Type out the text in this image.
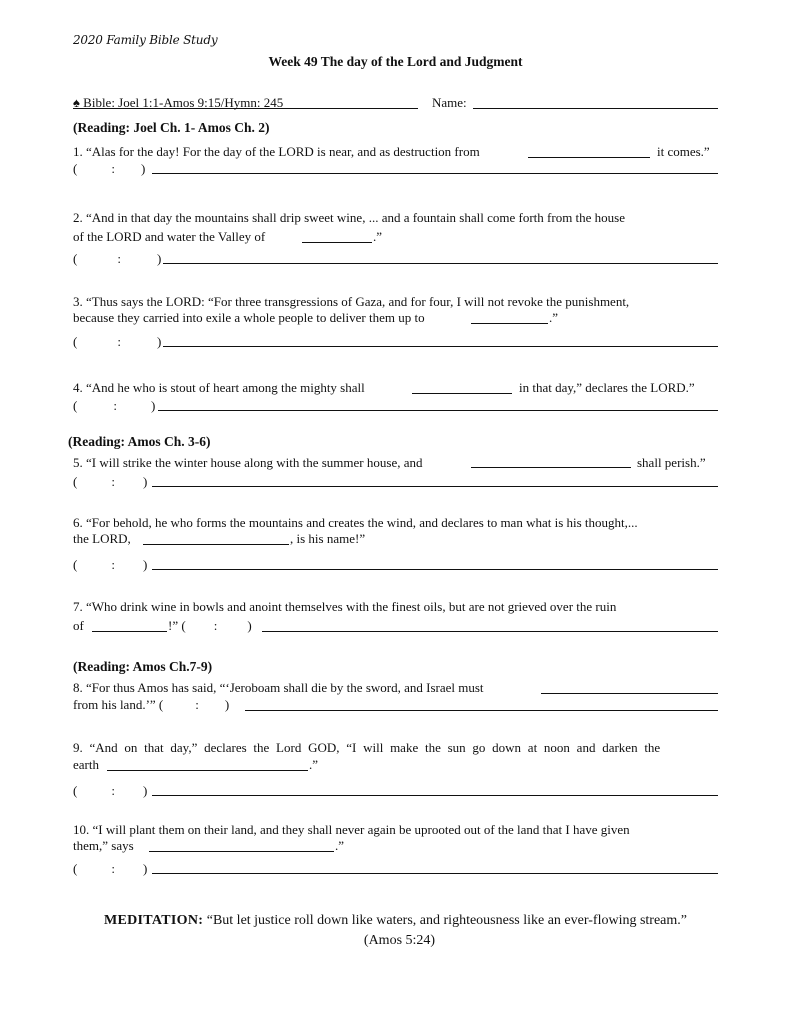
2020 Family Bible Study
Week 49 The day of the Lord and Judgment
♠ Bible: Joel 1:1-Amos 9:15/Hymn: 245	Name:
(Reading: Joel Ch. 1- Amos Ch. 2)
1. “Alas for the day! For the day of the LORD is near, and as destruction from	it comes.”
(	: )
2. “And in that day the mountains shall drip sweet wine, ... and a fountain shall come forth from the house
of the LORD and water the Valley of	.”
(	:	)
3. “Thus says the LORD: “For three transgressions of Gaza, and for four, I will not revoke the punishment,
because they carried into exile a whole people to deliver them up to	.”
(	:	)
4. “And he who is stout of heart among the mighty shall	in that day,” declares the LORD.”
(	:	)
(Reading: Amos Ch. 3-6)
5. “I will strike the winter house along with the summer house, and	shall perish.”
(	: )
6. “For behold, he who forms the mountains and creates the wind, and declares to man what is his thought,...
the LORD,	, is his name!”
(	: )
7. “Who drink wine in bowls and anoint themselves with the finest oils, but are not grieved over the ruin
of	!” ( : )
(Reading: Amos Ch.7-9)
8. “For thus Amos has said, “‘Jeroboam shall die by the sword, and Israel must
from his land.’” ( : )
9. “And on that day,” declares the Lord GOD, “I will make the sun go down at noon and darken the
earth	.”
(	: )
10. “I will plant them on their land, and they shall never again be uprooted out of the land that I have given
them,” says	.”
(	: )
MEDITATION: “But let justice roll down like waters, and righteousness like an ever-flowing stream.”
(Amos 5:24)
